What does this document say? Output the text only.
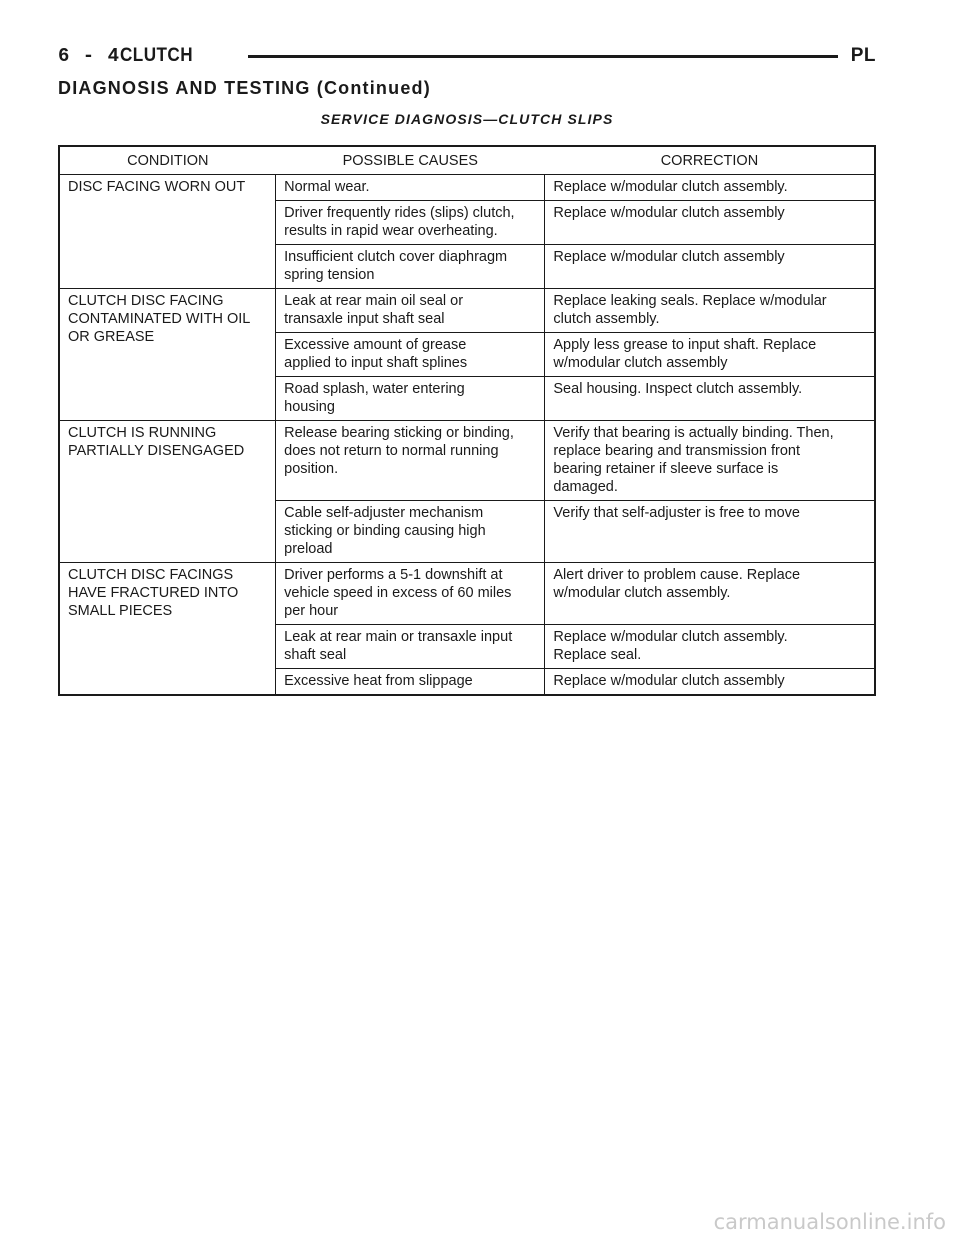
6 - 4 CLUTCH	PL
DIAGNOSIS AND TESTING (Continued)
SERVICE DIAGNOSIS—CLUTCH SLIPS
CONDITION	POSSIBLE CAUSES	CORRECTION
DISC FACING WORN OUT	Normal wear.	Replace w/modular clutch assembly.
	Driver frequently rides (slips) clutch,
results in rapid wear overheating.	Replace w/modular clutch assembly
	Insufficient clutch cover diaphragm
spring tension	Replace w/modular clutch assembly
CLUTCH DISC FACING
CONTAMINATED WITH OIL
OR GREASE	Leak at rear main oil seal or
transaxle input shaft seal	Replace leaking seals. Replace w/modular
clutch assembly.
	Excessive amount of grease
applied to input shaft splines	Apply less grease to input shaft. Replace
w/modular clutch assembly
	Road splash, water entering
housing	Seal housing. Inspect clutch assembly.
CLUTCH IS RUNNING
PARTIALLY DISENGAGED	Release bearing sticking or binding,
does not return to normal running
position.	Verify that bearing is actually binding. Then,
replace bearing and transmission front
bearing retainer if sleeve surface is
damaged.
	Cable self-adjuster mechanism
sticking or binding causing high
preload	Verify that self-adjuster is free to move
CLUTCH DISC FACINGS
HAVE FRACTURED INTO
SMALL PIECES	Driver performs a 5-1 downshift at
vehicle speed in excess of 60 miles
per hour	Alert driver to problem cause. Replace
w/modular clutch assembly.
	Leak at rear main or transaxle input
shaft seal	Replace w/modular clutch assembly.
Replace seal.
	Excessive heat from slippage	Replace w/modular clutch assembly
carmanualsonline.info
